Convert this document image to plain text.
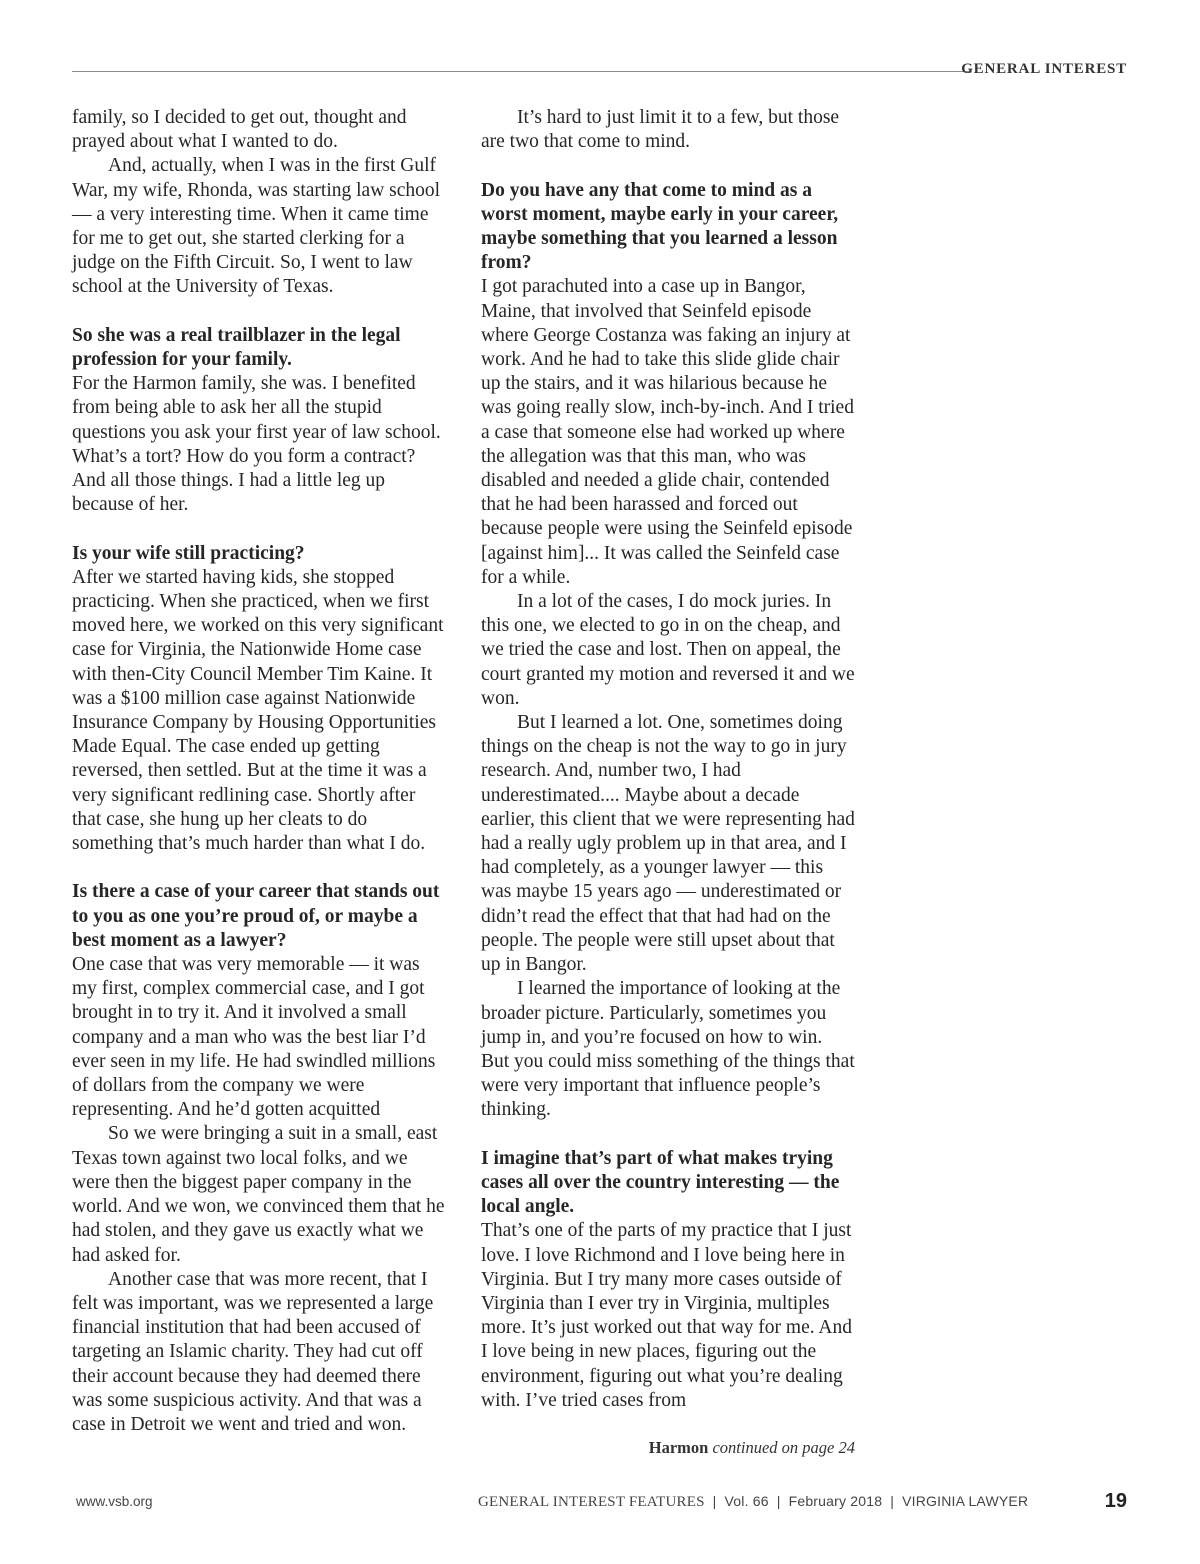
GENERAL INTEREST

family, so I decided to get out, thought and prayed about what I wanted to do.

And, actually, when I was in the first Gulf War, my wife, Rhonda, was starting law school — a very interesting time. When it came time for me to get out, she started clerking for a judge on the Fifth Circuit. So, I went to law school at the University of Texas.

So she was a real trailblazer in the legal profession for your family.

For the Harmon family, she was. I benefited from being able to ask her all the stupid questions you ask your first year of law school. What’s a tort? How do you form a contract? And all those things. I had a little leg up because of her.

Is your wife still practicing?

After we started having kids, she stopped practicing. When she practiced, when we first moved here, we worked on this very significant case for Virginia, the Nationwide Home case with then-City Council Member Tim Kaine. It was a $100 million case against Nationwide Insurance Company by Housing Opportunities Made Equal. The case ended up getting reversed, then settled. But at the time it was a very significant redlining case. Shortly after that case, she hung up her cleats to do something that’s much harder than what I do.

Is there a case of your career that stands out to you as one you’re proud of, or maybe a best moment as a lawyer?

One case that was very memorable — it was my first, complex commercial case, and I got brought in to try it. And it involved a small company and a man who was the best liar I’d ever seen in my life. He had swindled millions of dollars from the company we were representing. And he’d gotten acquitted

So we were bringing a suit in a small, east Texas town against two local folks, and we were then the biggest paper company in the world. And we won, we convinced them that he had stolen, and they gave us exactly what we had asked for.

Another case that was more recent, that I felt was important, was we represented a large financial institution that had been accused of targeting an Islamic charity. They had cut off their account because they had deemed there was some suspicious activity. And that was a case in Detroit we went and tried and won.

It’s hard to just limit it to a few, but those are two that come to mind.

Do you have any that come to mind as a worst moment, maybe early in your career, maybe something that you learned a lesson from?

I got parachuted into a case up in Bangor, Maine, that involved that Seinfeld episode where George Costanza was faking an injury at work. And he had to take this slide glide chair up the stairs, and it was hilarious because he was going really slow, inch-by-inch. And I tried a case that someone else had worked up where the allegation was that this man, who was disabled and needed a glide chair, contended that he had been harassed and forced out because people were using the Seinfeld episode [against him]... It was called the Seinfeld case for a while.

In a lot of the cases, I do mock juries. In this one, we elected to go in on the cheap, and we tried the case and lost. Then on appeal, the court granted my motion and reversed it and we won.

But I learned a lot. One, sometimes doing things on the cheap is not the way to go in jury research. And, number two, I had underestimated.... Maybe about a decade earlier, this client that we were representing had had a really ugly problem up in that area, and I had completely, as a younger lawyer — this was maybe 15 years ago — underestimated or didn’t read the effect that that had had on the people. The people were still upset about that up in Bangor.

I learned the importance of looking at the broader picture. Particularly, sometimes you jump in, and you’re focused on how to win. But you could miss something of the things that were very important that influence people’s thinking.

I imagine that’s part of what makes trying cases all over the country interesting — the local angle.

That’s one of the parts of my practice that I just love. I love Richmond and I love being here in Virginia. But I try many more cases outside of Virginia than I ever try in Virginia, multiples more. It’s just worked out that way for me. And I love being in new places, figuring out the environment, figuring out what you’re dealing with. I’ve tried cases from

Harmon continued on page 24
www.vsb.org	GENERAL INTEREST FEATURES | Vol. 66 | February 2018 | VIRGINIA LAWYER	19
